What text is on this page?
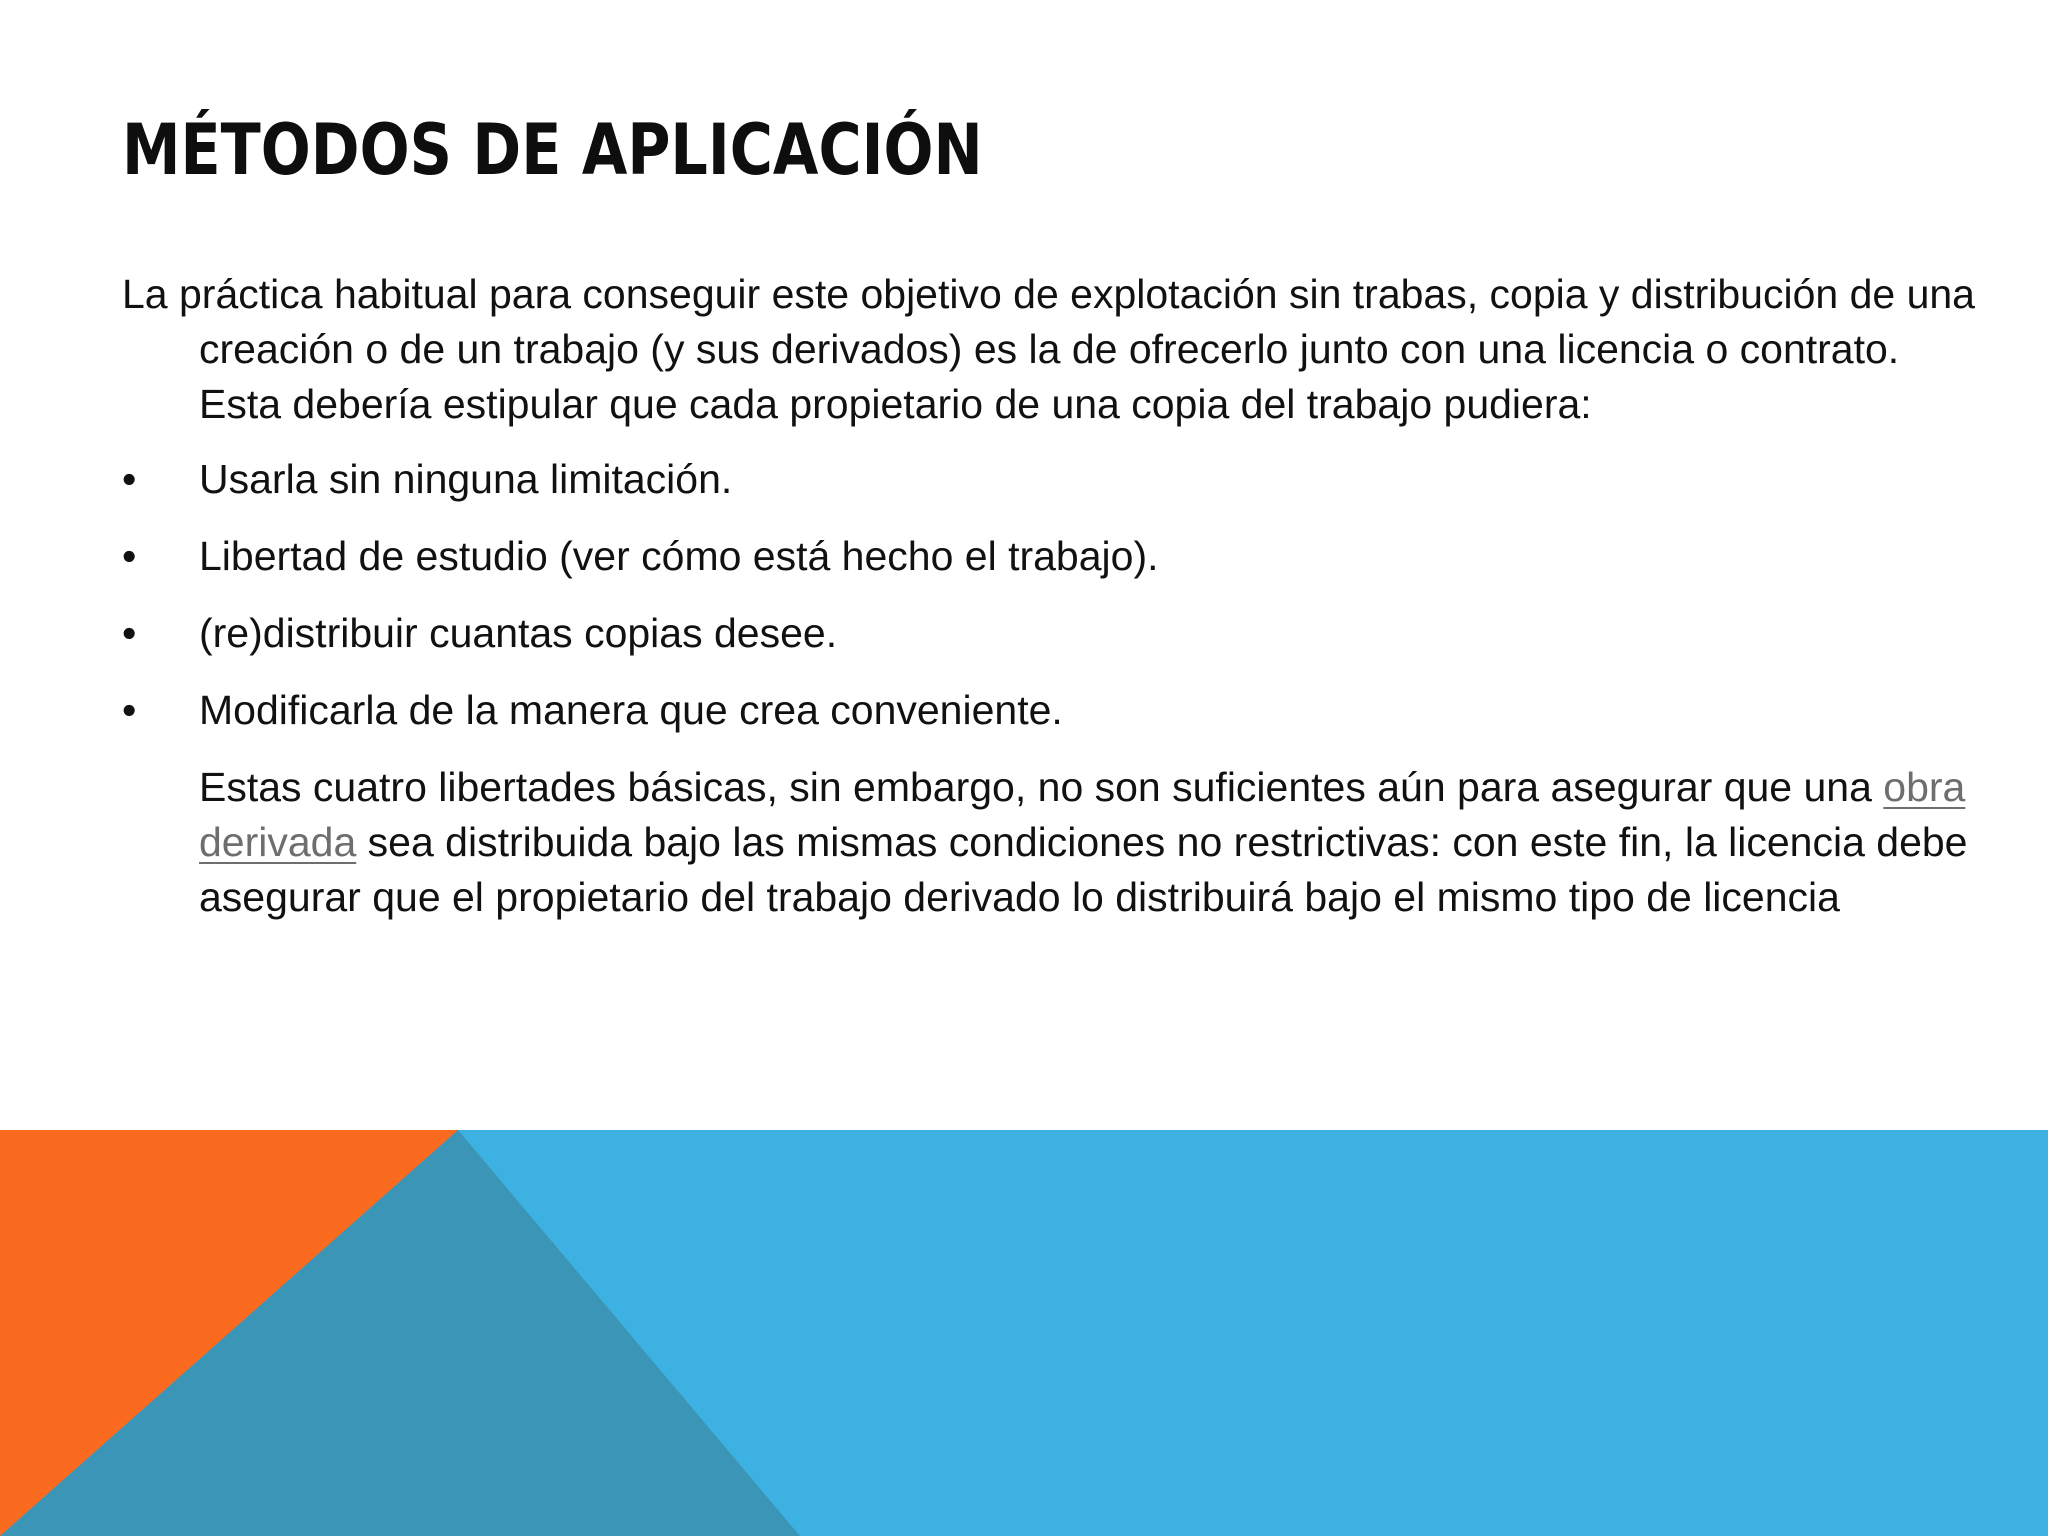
MÉTODOS DE APLICACIÓN

La práctica habitual para conseguir este objetivo de explotación sin trabas, copia y distribución de una creación o de un trabajo (y sus derivados) es la de ofrecerlo junto con una licencia o contrato. Esta debería estipular que cada propietario de una copia del trabajo pudiera:

• Usarla sin ninguna limitación.
• Libertad de estudio (ver cómo está hecho el trabajo).
• (re)distribuir cuantas copias desee.
• Modificarla de la manera que crea conveniente.

Estas cuatro libertades básicas, sin embargo, no son suficientes aún para asegurar que una obra derivada sea distribuida bajo las mismas condiciones no restrictivas: con este fin, la licencia debe asegurar que el propietario del trabajo derivado lo distribuirá bajo el mismo tipo de licencia
